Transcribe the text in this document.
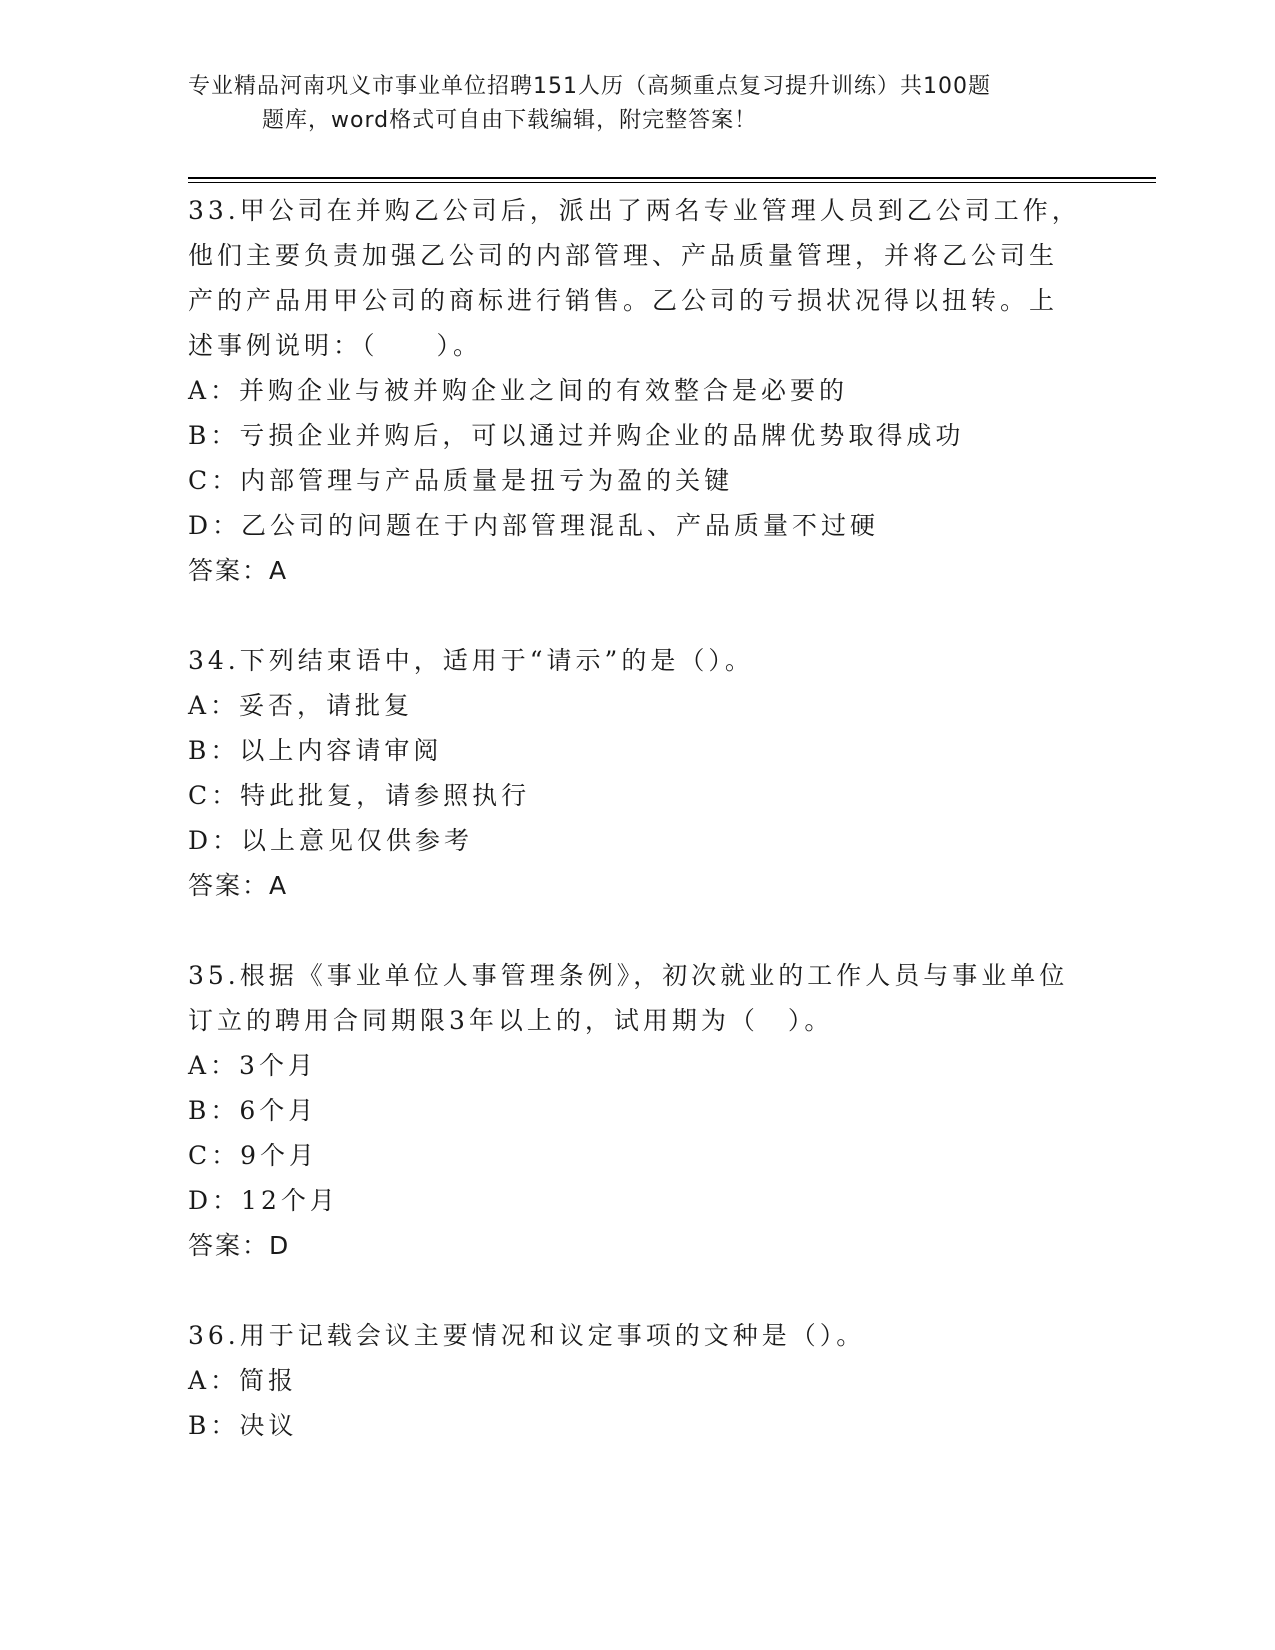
专业精品河南巩义市事业单位招聘151人历（高频重点复习提升训练）共100题
题库，word格式可自由下载编辑，附完整答案！
33.甲公司在并购乙公司后，派出了两名专业管理人员到乙公司工作，
他们主要负责加强乙公司的内部管理、产品质量管理，并将乙公司生
产的产品用甲公司的商标进行销售。乙公司的亏损状况得以扭转。上
述事例说明：（　　）。
A：并购企业与被并购企业之间的有效整合是必要的
B：亏损企业并购后，可以通过并购企业的品牌优势取得成功
C：内部管理与产品质量是扭亏为盈的关键
D：乙公司的问题在于内部管理混乱、产品质量不过硬
答案：A
34.下列结束语中，适用于“请示”的是（）。
A：妥否，请批复
B：以上内容请审阅
C：特此批复，请参照执行
D：以上意见仅供参考
答案：A
35.根据《事业单位人事管理条例》，初次就业的工作人员与事业单位
订立的聘用合同期限3年以上的，试用期为（　）。
A：3个月
B：6个月
C：9个月
D：12个月
答案：D
36.用于记载会议主要情况和议定事项的文种是（）。
A：简报
B：决议
